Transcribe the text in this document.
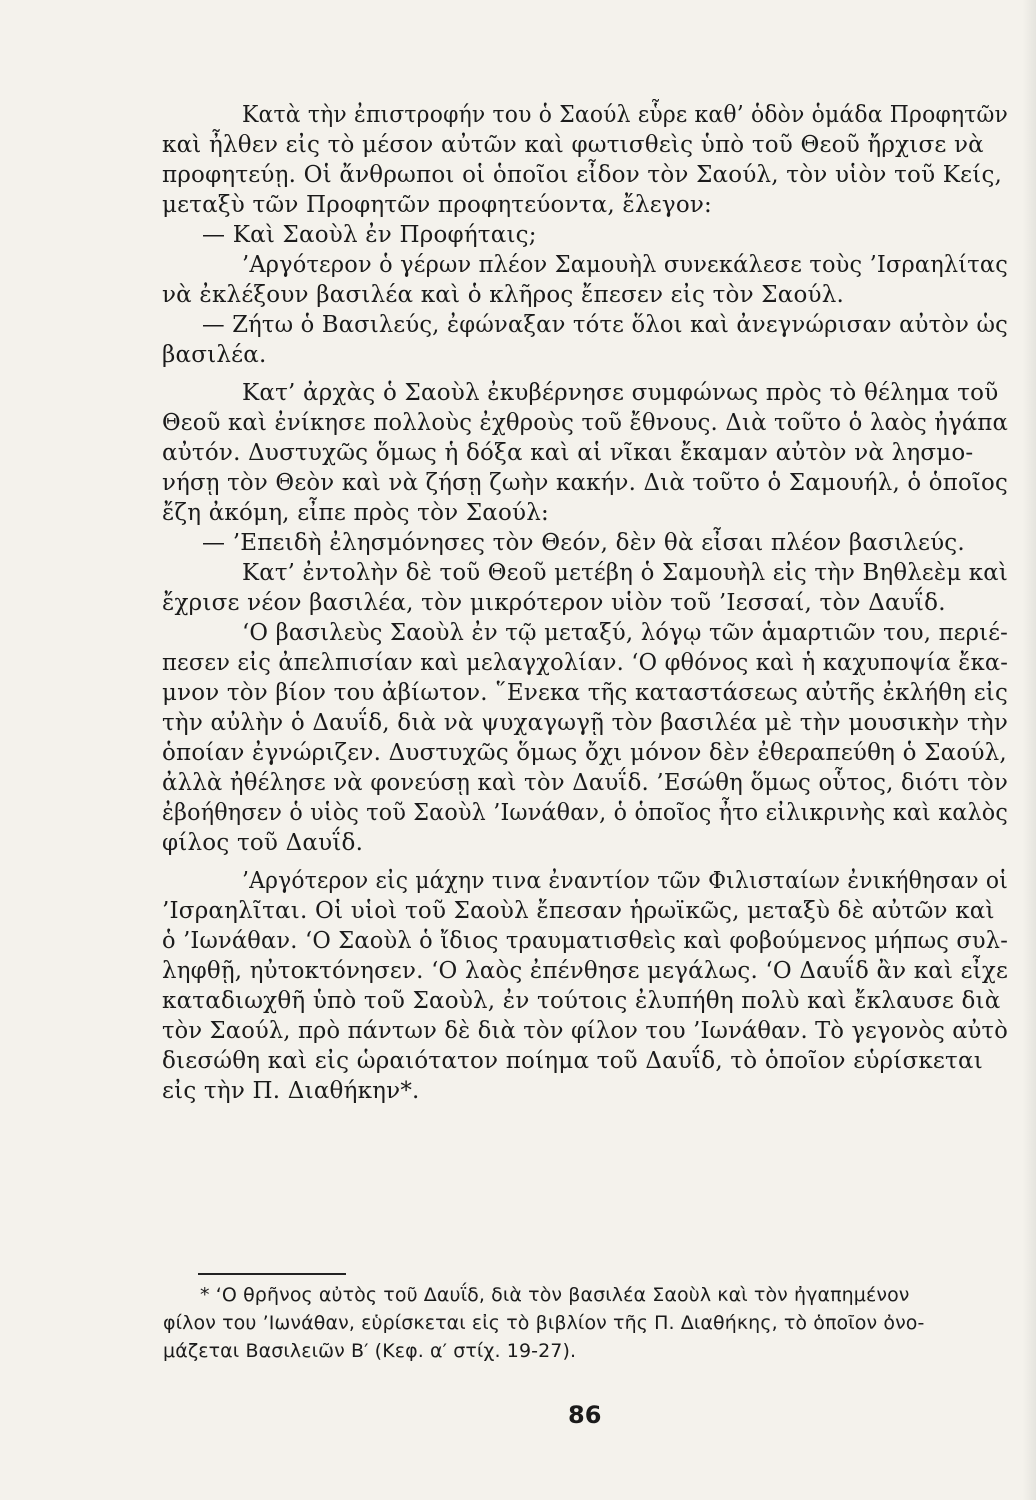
Κατὰ τὴν ἐπιστροφήν του ὁ Σαούλ εὗρε καθ’ ὁδὸν ὁμάδα Προφητῶν
καὶ ἦλθεν εἰς τὸ μέσον αὐτῶν καὶ φωτισθεὶς ὑπὸ τοῦ Θεοῦ ἤρχισε νὰ
προφητεύῃ. Οἱ ἄνθρωποι οἱ ὁποῖοι εἶδον τὸν Σαούλ, τὸν υἱὸν τοῦ Κείς,
μεταξὺ τῶν Προφητῶν προφητεύοντα, ἔλεγον:
— Καὶ Σαοὺλ ἐν Προφήταις;
’Αργότερον ὁ γέρων πλέον Σαμουὴλ συνεκάλεσε τοὺς ’Ισραηλίτας
νὰ ἐκλέξουν βασιλέα καὶ ὁ κλῆρος ἔπεσεν εἰς τὸν Σαούλ.
— Ζήτω ὁ Βασιλεύς, ἐφώναξαν τότε ὅλοι καὶ ἀνεγνώρισαν αὐτὸν ὡς
βασιλέα.
Κατ’ ἀρχὰς ὁ Σαοὺλ ἐκυβέρνησε συμφώνως πρὸς τὸ θέλημα τοῦ
Θεοῦ καὶ ἐνίκησε πολλοὺς ἐχθροὺς τοῦ ἔθνους. Διὰ τοῦτο ὁ λαὸς ἠγάπα
αὐτόν. Δυστυχῶς ὅμως ἡ δόξα καὶ αἱ νῖκαι ἔκαμαν αὐτὸν νὰ λησμο-
νήσῃ τὸν Θεὸν καὶ νὰ ζήσῃ ζωὴν κακήν. Διὰ τοῦτο ὁ Σαμουήλ, ὁ ὁποῖος
ἔζη ἀκόμη, εἶπε πρὸς τὸν Σαούλ:
— ’Επειδὴ ἐλησμόνησες τὸν Θεόν, δὲν θὰ εἶσαι πλέον βασιλεύς.
Κατ’ ἐντολὴν δὲ τοῦ Θεοῦ μετέβη ὁ Σαμουὴλ εἰς τὴν Βηθλεὲμ καὶ
ἔχρισε νέον βασιλέα, τὸν μικρότερον υἱὸν τοῦ ’Ιεσσαί, τὸν Δαυΐδ.
‘Ο βασιλεὺς Σαοὺλ ἐν τῷ μεταξύ, λόγῳ τῶν ἁμαρτιῶν του, περιέ-
πεσεν εἰς ἀπελπισίαν καὶ μελαγχολίαν. ‘Ο φθόνος καὶ ἡ καχυποψία ἔκα-
μνον τὸν βίον του ἀβίωτον. ῞Ενεκα τῆς καταστάσεως αὐτῆς ἐκλήθη εἰς
τὴν αὐλὴν ὁ Δαυΐδ, διὰ νὰ ψυχαγωγῇ τὸν βασιλέα μὲ τὴν μουσικὴν τὴν
ὁποίαν ἐγνώριζεν. Δυστυχῶς ὅμως ὄχι μόνον δὲν ἐθεραπεύθη ὁ Σαούλ,
ἀλλὰ ἠθέλησε νὰ φονεύσῃ καὶ τὸν Δαυΐδ. ’Εσώθη ὅμως οὗτος, διότι τὸν
ἐβοήθησεν ὁ υἱὸς τοῦ Σαοὺλ ’Ιωνάθαν, ὁ ὁποῖος ἦτο εἰλικρινὴς καὶ καλὸς
φίλος τοῦ Δαυΐδ.
’Αργότερον εἰς μάχην τινα ἐναντίον τῶν Φιλισταίων ἐνικήθησαν οἱ
’Ισραηλῖται. Οἱ υἱοὶ τοῦ Σαοὺλ ἔπεσαν ἡρωϊκῶς, μεταξὺ δὲ αὐτῶν καὶ
ὁ ’Ιωνάθαν. ‘Ο Σαοὺλ ὁ ἴδιος τραυματισθεὶς καὶ φοβούμενος μήπως συλ-
ληφθῇ, ηὐτοκτόνησεν. ‘Ο λαὸς ἐπένθησε μεγάλως. ‘Ο Δαυΐδ ἂν καὶ εἶχε
καταδιωχθῆ ὑπὸ τοῦ Σαοὺλ, ἐν τούτοις ἐλυπήθη πολὺ καὶ ἔκλαυσε διὰ
τὸν Σαούλ, πρὸ πάντων δὲ διὰ τὸν φίλον του ’Ιωνάθαν. Τὸ γεγονὸς αὐτὸ
διεσώθη καὶ εἰς ὡραιότατον ποίημα τοῦ Δαυΐδ, τὸ ὁποῖον εὑρίσκεται
εἰς τὴν Π. Διαθήκην*.
* ‘Ο θρῆνος αὐτὸς τοῦ Δαυΐδ, διὰ τὸν βασιλέα Σαοὺλ καὶ τὸν ἠγαπημένον
φίλον του ’Ιωνάθαν, εὑρίσκεται εἰς τὸ βιβλίον τῆς Π. Διαθήκης, τὸ ὁποῖον ὀνο-
μάζεται Βασιλειῶν Β′ (Κεφ. α′ στίχ. 19-27).
86
